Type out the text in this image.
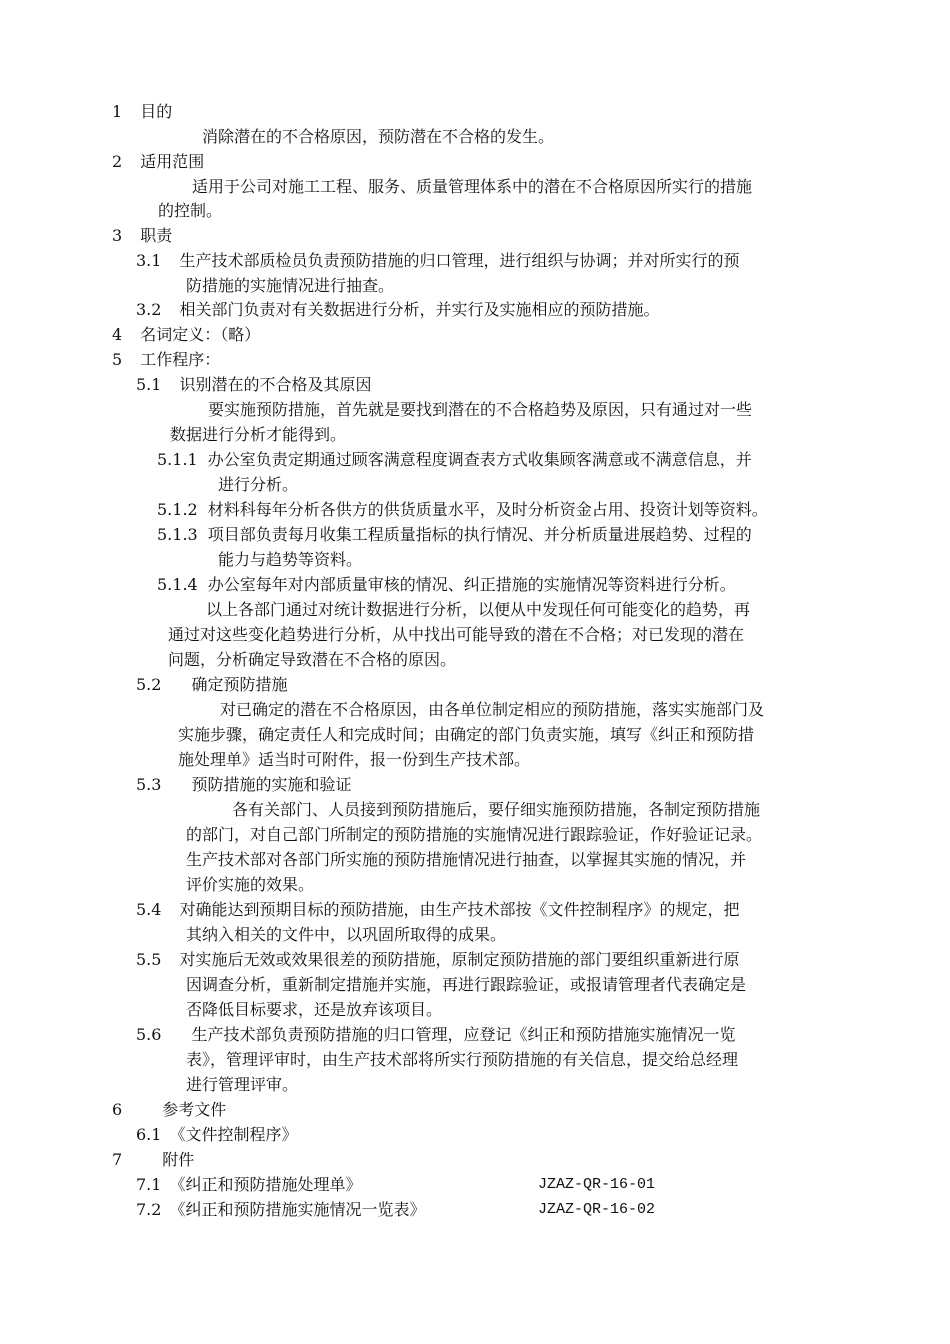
1 目的
消除潜在的不合格原因，预防潜在不合格的发生。
2 适用范围
适用于公司对施工工程、服务、质量管理体系中的潜在不合格原因所实行的措施
的控制。
3 职责
3.1 生产技术部质检员负责预防措施的归口管理，进行组织与协调；并对所实行的预
防措施的实施情况进行抽查。
3.2 相关部门负责对有关数据进行分析，并实行及实施相应的预防措施。
4 名词定义：（略）
5 工作程序：
5.1 识别潜在的不合格及其原因
要实施预防措施，首先就是要找到潜在的不合格趋势及原因，只有通过对一些
数据进行分析才能得到。
5.1.1 办公室负责定期通过顾客满意程度调查表方式收集顾客满意或不满意信息，并
进行分析。
5.1.2 材料科每年分析各供方的供货质量水平，及时分析资金占用、投资计划等资料。
5.1.3 项目部负责每月收集工程质量指标的执行情况、并分析质量进展趋势、过程的
能力与趋势等资料。
5.1.4 办公室每年对内部质量审核的情况、纠正措施的实施情况等资料进行分析。
以上各部门通过对统计数据进行分析，以便从中发现任何可能变化的趋势，再
通过对这些变化趋势进行分析，从中找出可能导致的潜在不合格；对已发现的潜在
问题，分析确定导致潜在不合格的原因。
5.2 确定预防措施
对已确定的潜在不合格原因，由各单位制定相应的预防措施，落实实施部门及
实施步骤，确定责任人和完成时间；由确定的部门负责实施，填写《纠正和预防措
施处理单》适当时可附件，报一份到生产技术部。
5.3 预防措施的实施和验证
各有关部门、人员接到预防措施后，要仔细实施预防措施，各制定预防措施
的部门，对自己部门所制定的预防措施的实施情况进行跟踪验证，作好验证记录。
生产技术部对各部门所实施的预防措施情况进行抽查，以掌握其实施的情况，并
评价实施的效果。
5.4 对确能达到预期目标的预防措施，由生产技术部按《文件控制程序》的规定，把
其纳入相关的文件中，以巩固所取得的成果。
5.5 对实施后无效或效果很差的预防措施，原制定预防措施的部门要组织重新进行原
因调查分析，重新制定措施并实施，再进行跟踪验证，或报请管理者代表确定是
否降低目标要求，还是放弃该项目。
5.6 生产技术部负责预防措施的归口管理，应登记《纠正和预防措施实施情况一览
表》，管理评审时，由生产技术部将所实行预防措施的有关信息，提交给总经理
进行管理评审。
6	参考文件
6.1 《文件控制程序》
7	附件
7.1 《纠正和预防措施处理单》	JZAZ-QR-16-01
7.2 《纠正和预防措施实施情况一览表》	JZAZ-QR-16-02
